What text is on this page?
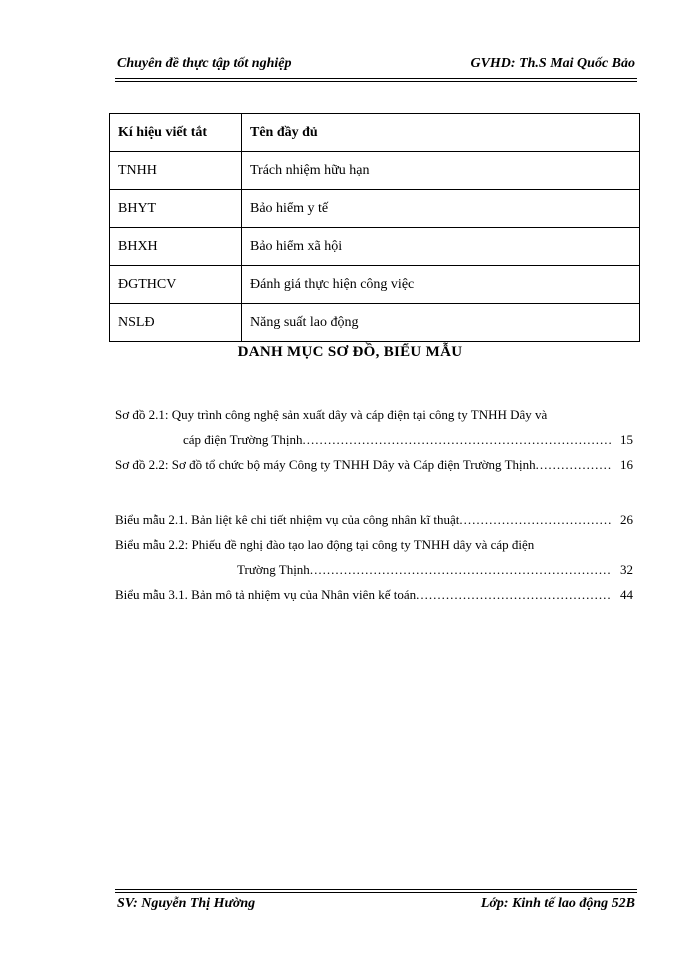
Chuyên đề thực tập tốt nghiệp	GVHD: Th.S Mai Quốc Bảo
Kí hiệu viết tắt	Tên đầy đủ
TNHH	Trách nhiệm hữu hạn
BHYT	Bảo hiểm y tế
BHXH	Bảo hiểm xã hội
ĐGTHCV	Đánh giá thực hiện công việc
NSLĐ	Năng suất lao động
DANH MỤC SƠ ĐỒ, BIỂU MẪU
Sơ đồ 2.1: Quy trình công nghệ sản xuất dây và cáp điện tại công ty TNHH Dây và
cáp điện Trường Thịnh .....	15
Sơ đồ 2.2: Sơ đồ tổ chức bộ máy Công ty TNHH Dây và Cáp điện Trường Thịnh .....	16
Biểu mẫu 2.1. Bản liệt kê chi tiết nhiệm vụ của công nhân kĩ thuật .....	26
Biểu mẫu 2.2: Phiếu đề nghị đào tạo lao động tại công ty TNHH dây và cáp điện
Trường Thịnh .....	32
Biểu mẫu 3.1. Bản mô tả nhiệm vụ của Nhân viên kế toán .....	44
SV: Nguyễn Thị Hường	Lớp: Kinh tế lao động 52B
